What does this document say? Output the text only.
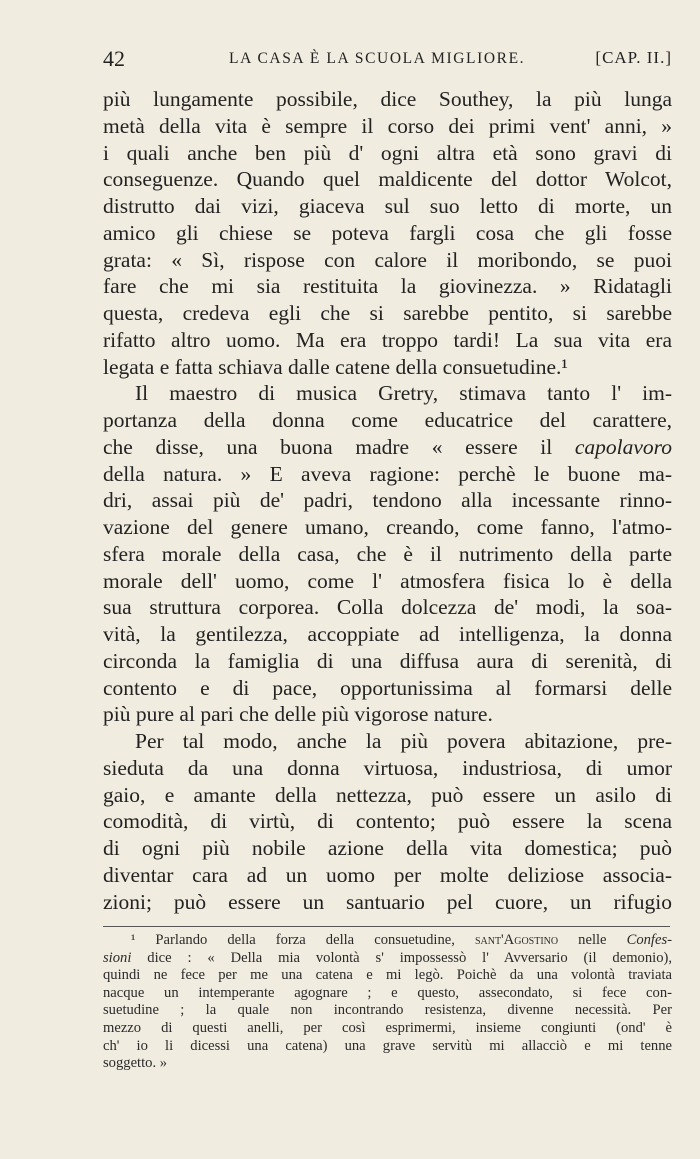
42	LA CASA È LA SCUOLA MIGLIORE.	[CAP. II.]

più lungamente possibile, dice Southey, la più lunga
metà della vita è sempre il corso dei primi vent' anni, »
i quali anche ben più d' ogni altra età sono gravi di
conseguenze. Quando quel maldicente del dottor Wolcot,
distrutto dai vizi, giaceva sul suo letto di morte, un
amico gli chiese se poteva fargli cosa che gli fosse
grata: « Sì, rispose con calore il moribondo, se puoi
fare che mi sia restituita la giovinezza. » Ridatagli
questa, credeva egli che si sarebbe pentito, si sarebbe
rifatto altro uomo. Ma era troppo tardi! La sua vita era
legata e fatta schiava dalle catene della consuetudine.¹

Il maestro di musica Gretry, stimava tanto l' im-
portanza della donna come educatrice del carattere,
che disse, una buona madre « essere il capolavoro
della natura. » E aveva ragione: perchè le buone ma-
dri, assai più de' padri, tendono alla incessante rinno-
vazione del genere umano, creando, come fanno, l'atmo-
sfera morale della casa, che è il nutrimento della parte
morale dell' uomo, come l' atmosfera fisica lo è della
sua struttura corporea. Colla dolcezza de' modi, la soa-
vità, la gentilezza, accoppiate ad intelligenza, la donna
circonda la famiglia di una diffusa aura di serenità, di
contento e di pace, opportunissima al formarsi delle
più pure al pari che delle più vigorose nature.

Per tal modo, anche la più povera abitazione, pre-
sieduta da una donna virtuosa, industriosa, di umor
gaio, e amante della nettezza, può essere un asilo di
comodità, di virtù, di contento; può essere la scena
di ogni più nobile azione della vita domestica; può
diventar cara ad un uomo per molte deliziose associa-
zioni; può essere un santuario pel cuore, un rifugio

¹ Parlando della forza della consuetudine, sant'Agostino nelle Confes-
sioni dice : « Della mia volontà s' impossessò l' Avversario (il demonio),
quindi ne fece per me una catena e mi legò. Poichè da una volontà traviata
nacque un intemperante agognare ; e questo, assecondato, si fece con-
suetudine ; la quale non incontrando resistenza, divenne necessità. Per
mezzo di questi anelli, per così esprimermi, insieme congiunti (ond' è
ch' io li dicessi una catena) una grave servitù mi allacciò e mi tenne
soggetto. »
